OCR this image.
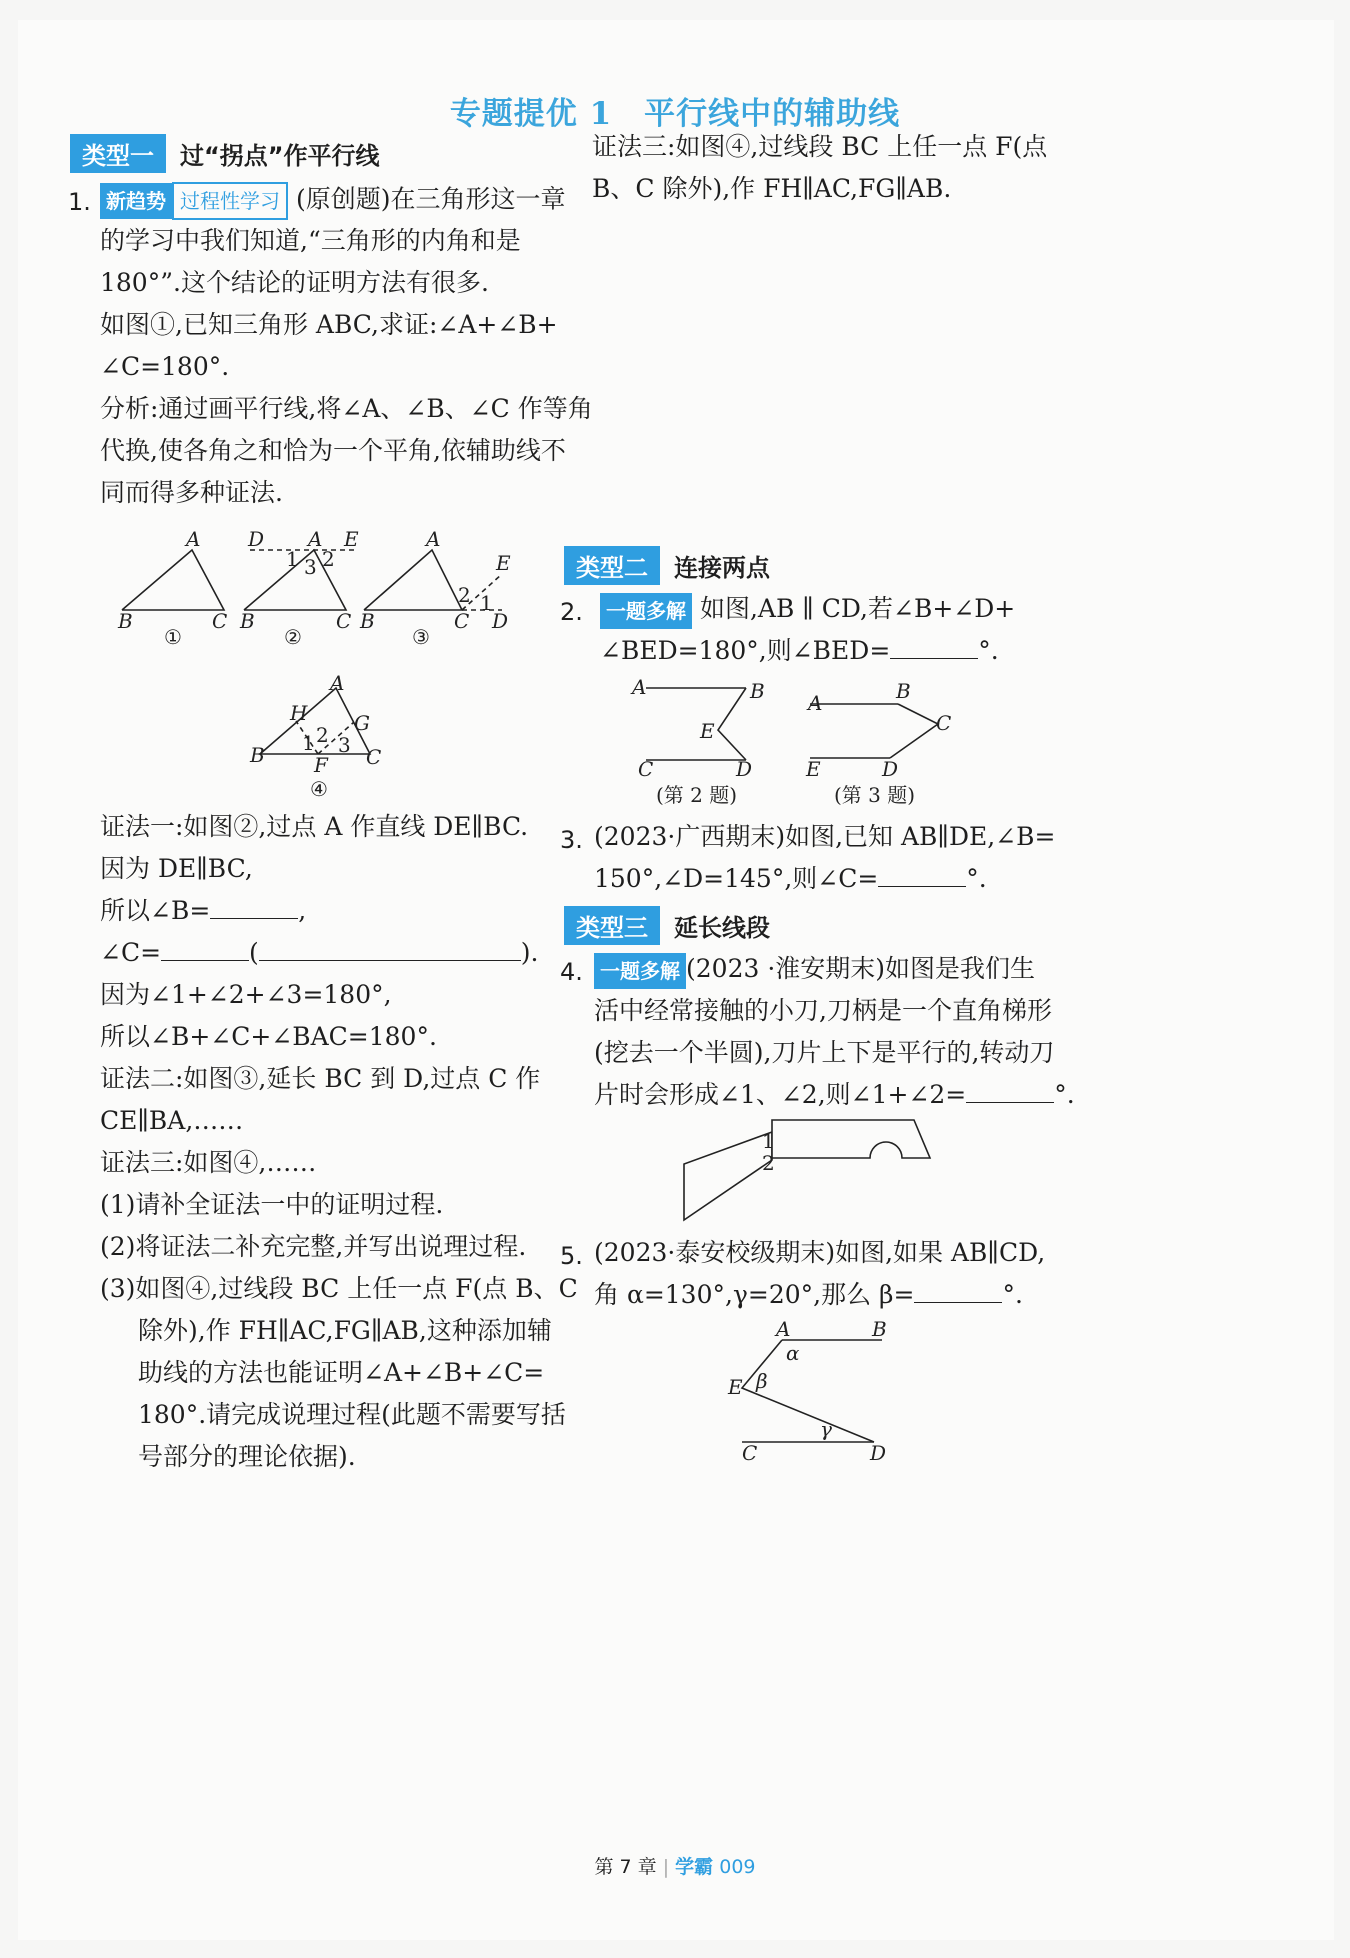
专题提优 1　平行线中的辅助线
类型一 过“拐点”作平行线
1. 新趋势 过程性学习 (原创题)在三角形这一章
的学习中我们知道,“三角形的内角和是
180°”.这个结论的证明方法有很多.
如图①,已知三角形 ABC,求证:∠A+∠B+
∠C=180°.
分析:通过画平行线,将∠A、∠B、∠C 作等角
代换,使各角之和恰为一个平角,依辅助线不
同而得多种证法.
A
B	C
D A E
B	C
1 3 2
A
E
B	C D
2 1
A
H G
B	C
F
1 2 3
①	②	③
④
证法一:如图②,过点 A 作直线 DE∥BC.
因为 DE∥BC,
所以∠B=	,
∠C=	(	).
因为∠1+∠2+∠3=180°,
所以∠B+∠C+∠BAC=180°.
证法二:如图③,延长 BC 到 D,过点 C 作
CE∥BA,……
证法三:如图④,……
(1)请补全证法一中的证明过程.
(2)将证法二补充完整,并写出说理过程.
(3)如图④,过线段 BC 上任一点 F(点 B、C
除外),作 FH∥AC,FG∥AB,这种添加辅
助线的方法也能证明∠A+∠B+∠C=
180°.请完成说理过程(此题不需要写括
号部分的理论依据).
证法三:如图④,过线段 BC 上任一点 F(点
B、C 除外),作 FH∥AC,FG∥AB.
类型二 连接两点
2.	一题多解 如图,AB ∥ CD,若∠B+∠D+
∠BED=180°,则∠BED=	°.
A	B
E
C	D
A	B
C
E	D
(第 2 题)	(第 3 题)
3. (2023·广西期末)如图,已知 AB∥DE,∠B=
150°,∠D=145°,则∠C=	°.
类型三 延长线段
4. 一题多解 (2023 ·淮安期末)如图是我们生
活中经常接触的小刀,刀柄是一个直角梯形
(挖去一个半圆),刀片上下是平行的,转动刀
片时会形成∠1、∠2,则∠1+∠2=	°.
1
2
5. (2023·泰安校级期末)如图,如果 AB∥CD,
角 α=130°,γ=20°,那么 β=	°.
A	B
α
β
E
γ
C	D
第 7 章 | 学霸 009
